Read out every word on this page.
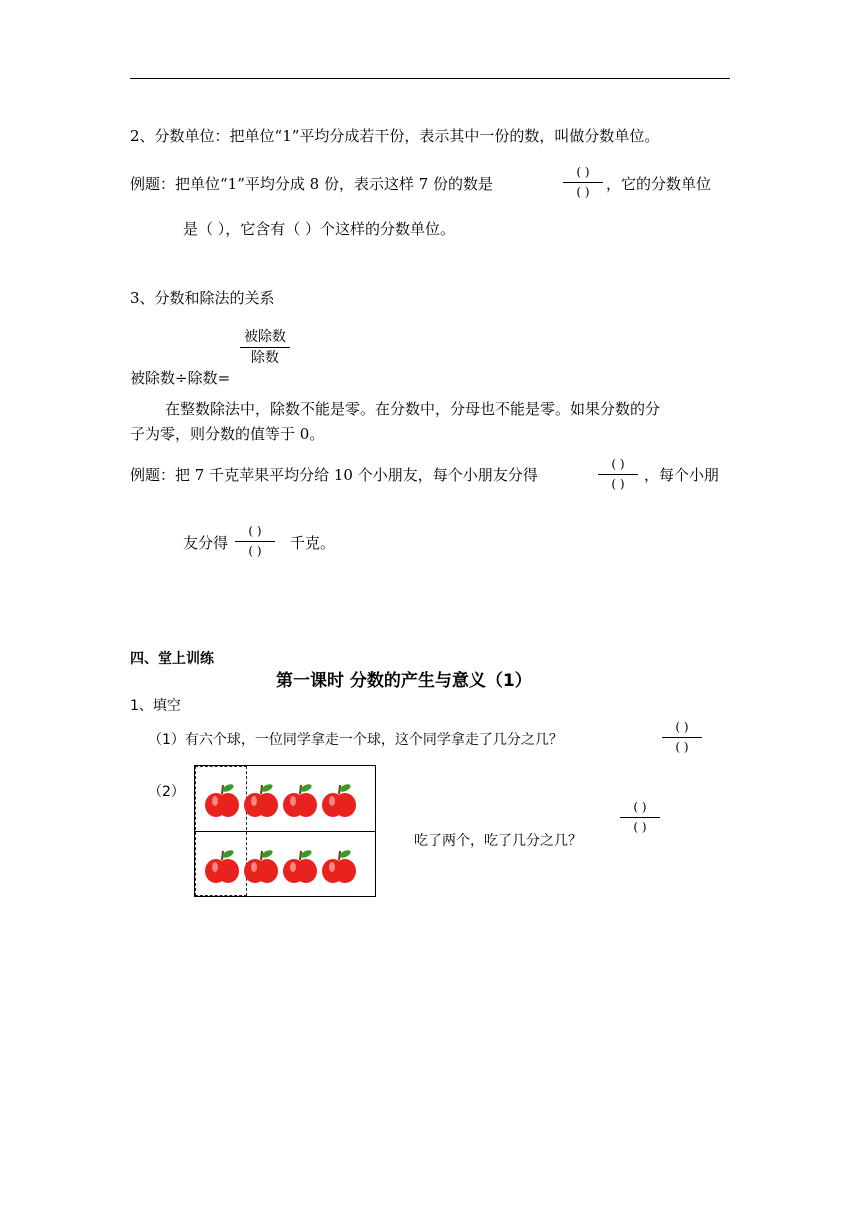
2、分数单位：把单位“1”平均分成若干份，表示其中一份的数，叫做分数单位。
例题：把单位“1”平均分成 8 份，表示这样 7 份的数是
( )
( )	，它的分数单位
是（ ），它含有（ ）个这样的分数单位。
3、分数和除法的关系
被除数
除数
被除数÷除数=
在整数除法中，除数不能是零。在分数中，分母也不能是零。如果分数的分
子为零，则分数的值等于 0。
例题：把 7 千克苹果平均分给 10 个小朋友，每个小朋友分得
( )
( )	，每个小朋
友分得
( )
( )	千克。
四、堂上训练
第一课时 分数的产生与意义（1）
1、填空
（1）有六个球，一位同学拿走一个球，这个同学拿走了几分之几？
( )
( )
（2）
吃了两个，吃了几分之几？
( )
( )
